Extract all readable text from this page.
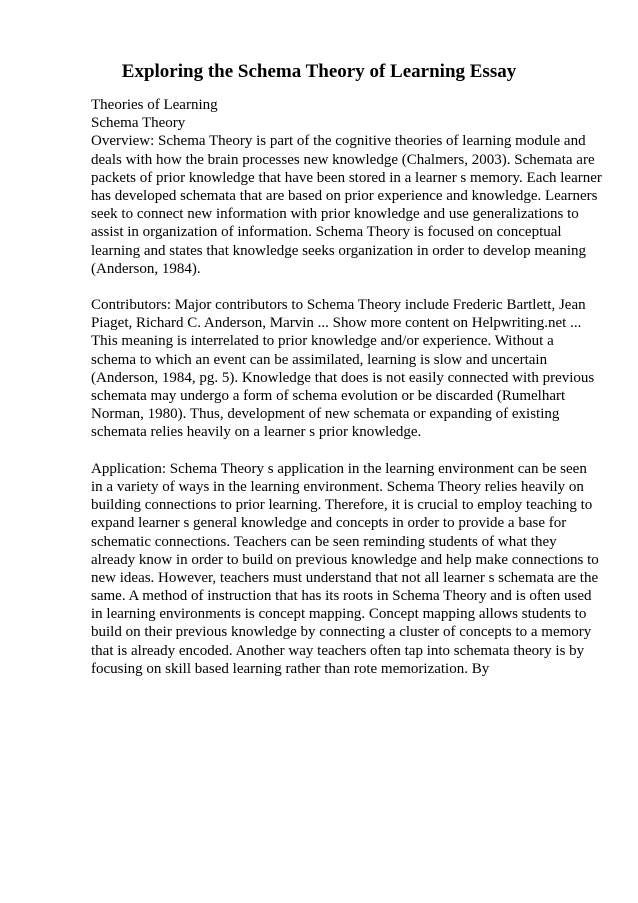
Exploring the Schema Theory of Learning Essay
Theories of Learning
Schema Theory
Overview: Schema Theory is part of the cognitive theories of learning module and
deals with how the brain processes new knowledge (Chalmers, 2003). Schemata are
packets of prior knowledge that have been stored in a learner s memory. Each learner
has developed schemata that are based on prior experience and knowledge. Learners
seek to connect new information with prior knowledge and use generalizations to
assist in organization of information. Schema Theory is focused on conceptual
learning and states that knowledge seeks organization in order to develop meaning
(Anderson, 1984).
Contributors: Major contributors to Schema Theory include Frederic Bartlett, Jean
Piaget, Richard C. Anderson, Marvin ... Show more content on Helpwriting.net ...
This meaning is interrelated to prior knowledge and/or experience. Without a
schema to which an event can be assimilated, learning is slow and uncertain
(Anderson, 1984, pg. 5). Knowledge that does is not easily connected with previous
schemata may undergo a form of schema evolution or be discarded (Rumelhart
Norman, 1980). Thus, development of new schemata or expanding of existing
schemata relies heavily on a learner s prior knowledge.
Application: Schema Theory s application in the learning environment can be seen
in a variety of ways in the learning environment. Schema Theory relies heavily on
building connections to prior learning. Therefore, it is crucial to employ teaching to
expand learner s general knowledge and concepts in order to provide a base for
schematic connections. Teachers can be seen reminding students of what they
already know in order to build on previous knowledge and help make connections to
new ideas. However, teachers must understand that not all learner s schemata are the
same. A method of instruction that has its roots in Schema Theory and is often used
in learning environments is concept mapping. Concept mapping allows students to
build on their previous knowledge by connecting a cluster of concepts to a memory
that is already encoded. Another way teachers often tap into schemata theory is by
focusing on skill based learning rather than rote memorization. By
